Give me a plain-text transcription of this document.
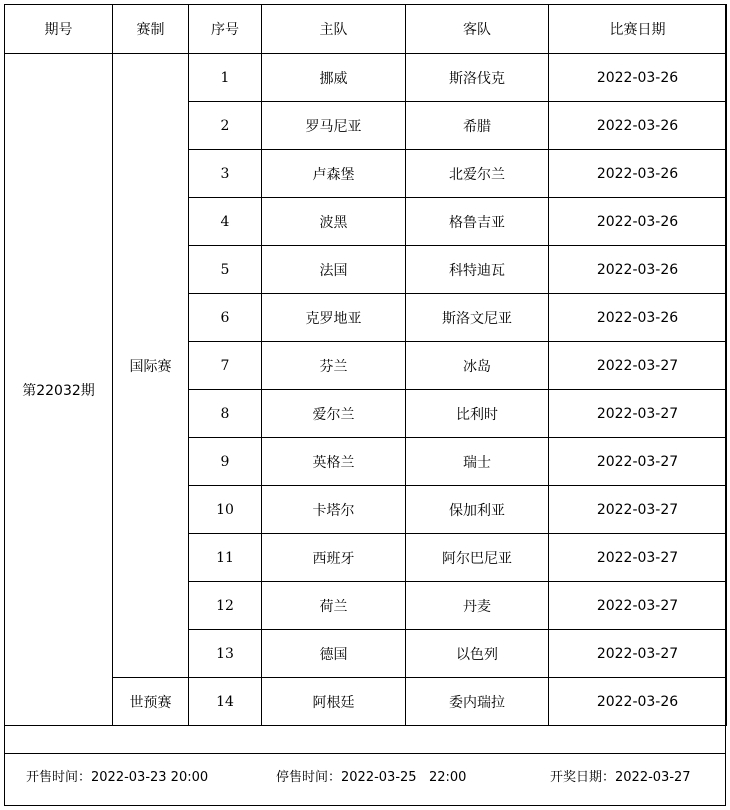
期号	赛制	序号	主队	客队	比赛日期
第22032期	国际赛	1	挪威	斯洛伐克	2022-03-26
		2	罗马尼亚	希腊	2022-03-26
		3	卢森堡	北爱尔兰	2022-03-26
		4	波黑	格鲁吉亚	2022-03-26
		5	法国	科特迪瓦	2022-03-26
		6	克罗地亚	斯洛文尼亚	2022-03-26
		7	芬兰	冰岛	2022-03-27
		8	爱尔兰	比利时	2022-03-27
		9	英格兰	瑞士	2022-03-27
		10	卡塔尔	保加利亚	2022-03-27
		11	西班牙	阿尔巴尼亚	2022-03-27
		12	荷兰	丹麦	2022-03-27
		13	德国	以色列	2022-03-27
	世预赛	14	阿根廷	委内瑞拉	2022-03-26
开售时间：2022-03-23 20:00	停售时间：2022-03-25   22:00	开奖日期：2022-03-27
